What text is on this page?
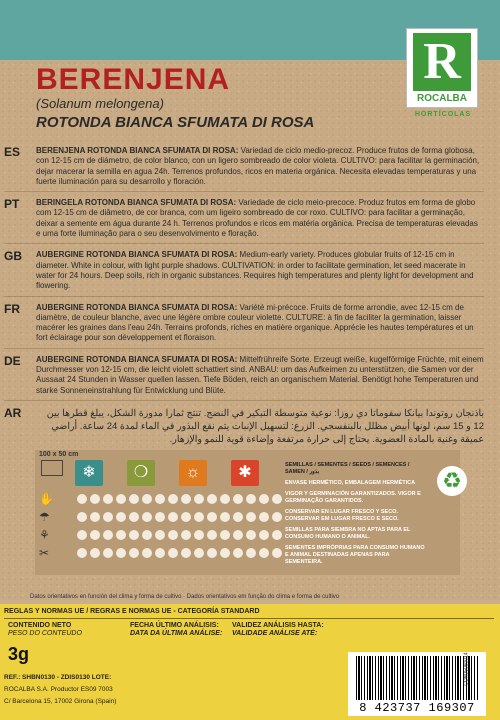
R
ROCALBA
HORTÍCOLAS
BERENJENA
(Solanum melongena)
ROTONDA BIANCA SFUMATA DI ROSA
ES	BERENJENA ROTONDA BIANCA SFUMATA DI ROSA: Variedad de ciclo medio-precoz. Produce frutos de forma globosa, con 12-15 cm de diámetro, de color blanco, con un ligero sombreado de color violeta. CULTIVO: para facilitar la germinación, dejar macerar la semilla en agua 24h. Terrenos profundos, ricos en materia orgánica. Necesita elevadas temperaturas y una fuerte iluminación para su desarrollo y floración.
PT	BERINGELA ROTONDA BIANCA SFUMATA DI ROSA: Variedade de ciclo meio-precoce. Produz frutos em forma de globo com 12-15 cm de diâmetro, de cor branca, com um ligeiro sombreado de cor roxo. CULTIVO: para facilitar a germinação, deixar a semente em água durante 24 h. Terrenos profundos e ricos em matéria orgânica. Precisa de temperaturas elevadas e uma forte iluminação para o seu desenvolvimento e floração.
GB	AUBERGINE ROTONDA BIANCA SFUMATA DI ROSA: Medium-early variety. Produces globular fruits of 12-15 cm in diameter. White in colour, with light purple shadows. CULTIVATION: in order to facilitate germination, let seed macerate in water for 24 hours. Deep soils, rich in organic substances. Requires high temperatures and plenty light for development and flowering.
FR	AUBERGINE ROTONDA BIANCA SFUMATA DI ROSA: Variété mi-précoce. Fruits de forme arrondie, avec 12-15 cm de diamètre, de couleur blanche, avec une légère ombre couleur violette. CULTURE: à fin de faciliter la germination, laisser macérer les graines dans l'eau 24h. Terrains profonds, riches en matière organique. Apprécie les hautes températures et un fort éclairage pour son développement et floraison.
DE	AUBERGINE ROTONDA BIANCA SFUMATA DI ROSA: Mittelfrühreife Sorte. Erzeugt weiße, kugelförmige Früchte, mit einem Durchmesser von 12-15 cm, die leicht violett schattiert sind. ANBAU: um das Aufkeimen zu unterstützen, die Samen vor der Aussaat 24 Stunden in Wasser quellen lassen. Tiefe Böden, reich an organischem Material. Benötigt hohe Temperaturen und starke Sonneneinstrahlung für Entwicklung und Blüte.
AR	باذنجان روتوندا بيانكا سفوماتا دي روزا: نوعية متوسطة التبكير في النضج. تنتج ثمارا مدورة الشكل، يبلغ قطرها بين 12 و 15 سم، لونها أبيض مظلل بالبنفسجي. الزرع: لتسهيل الإنبات يتم نقع البذور في الماء لمدة 24 ساعة. أراضي عميقة وغنية بالمادة العضوية. يحتاج إلى حرارة مرتفعة وإضاءة قوية للنمو والإزهار.
100 x 50 cm
✋
☂
⚘
✂
❄	❍	☼	✱	SEMILLAS / SEMENTES / SEEDS / SEMENCES / SAMEN / بذور
ENVASE HERMÉTICO, EMBALAGEM HERMÉTICA
VIGOR Y GERMINACIÓN GARANTIZADOS. VIGOR E GERMINAÇÃO GARANTIDOS.
CONSERVAR EN LUGAR FRESCO Y SECO. CONSERVAR EM LUGAR FRESCO E SECO.
SEMILLAS PARA SIEMBRA NO APTAS PARA EL CONSUMO HUMANO O ANIMAL.
SEMENTES IMPRÓPRIAS PARA CONSUMO HUMANO E ANIMAL DESTINADAS APENAS PARA SEMENTEIRA.
♻
Datos orientativos en función del clima y forma de cultivo · Dados orientativos em função do clima e forma de cultivo
REGLAS Y NORMAS UE / REGRAS E NORMAS UE - CATEGORÍA STANDARD
CONTENIDO NETO
PESO DO CONTEÚDO
3g
FECHA ÚLTIMO ANÁLISIS:
DATA DA ÚLTIMA ANÁLISE:
VALIDEZ ANÁLISIS HASTA:
VALIDADE ANÁLISE ATÉ:
REF.: SHBN0130 - ZDIS0130 LOTE:
ROCALBA S.A. Productor ES09 7003
C/ Barcelona 15, 17002 Girona (Spain)	8 423737 169307
CON05090014
